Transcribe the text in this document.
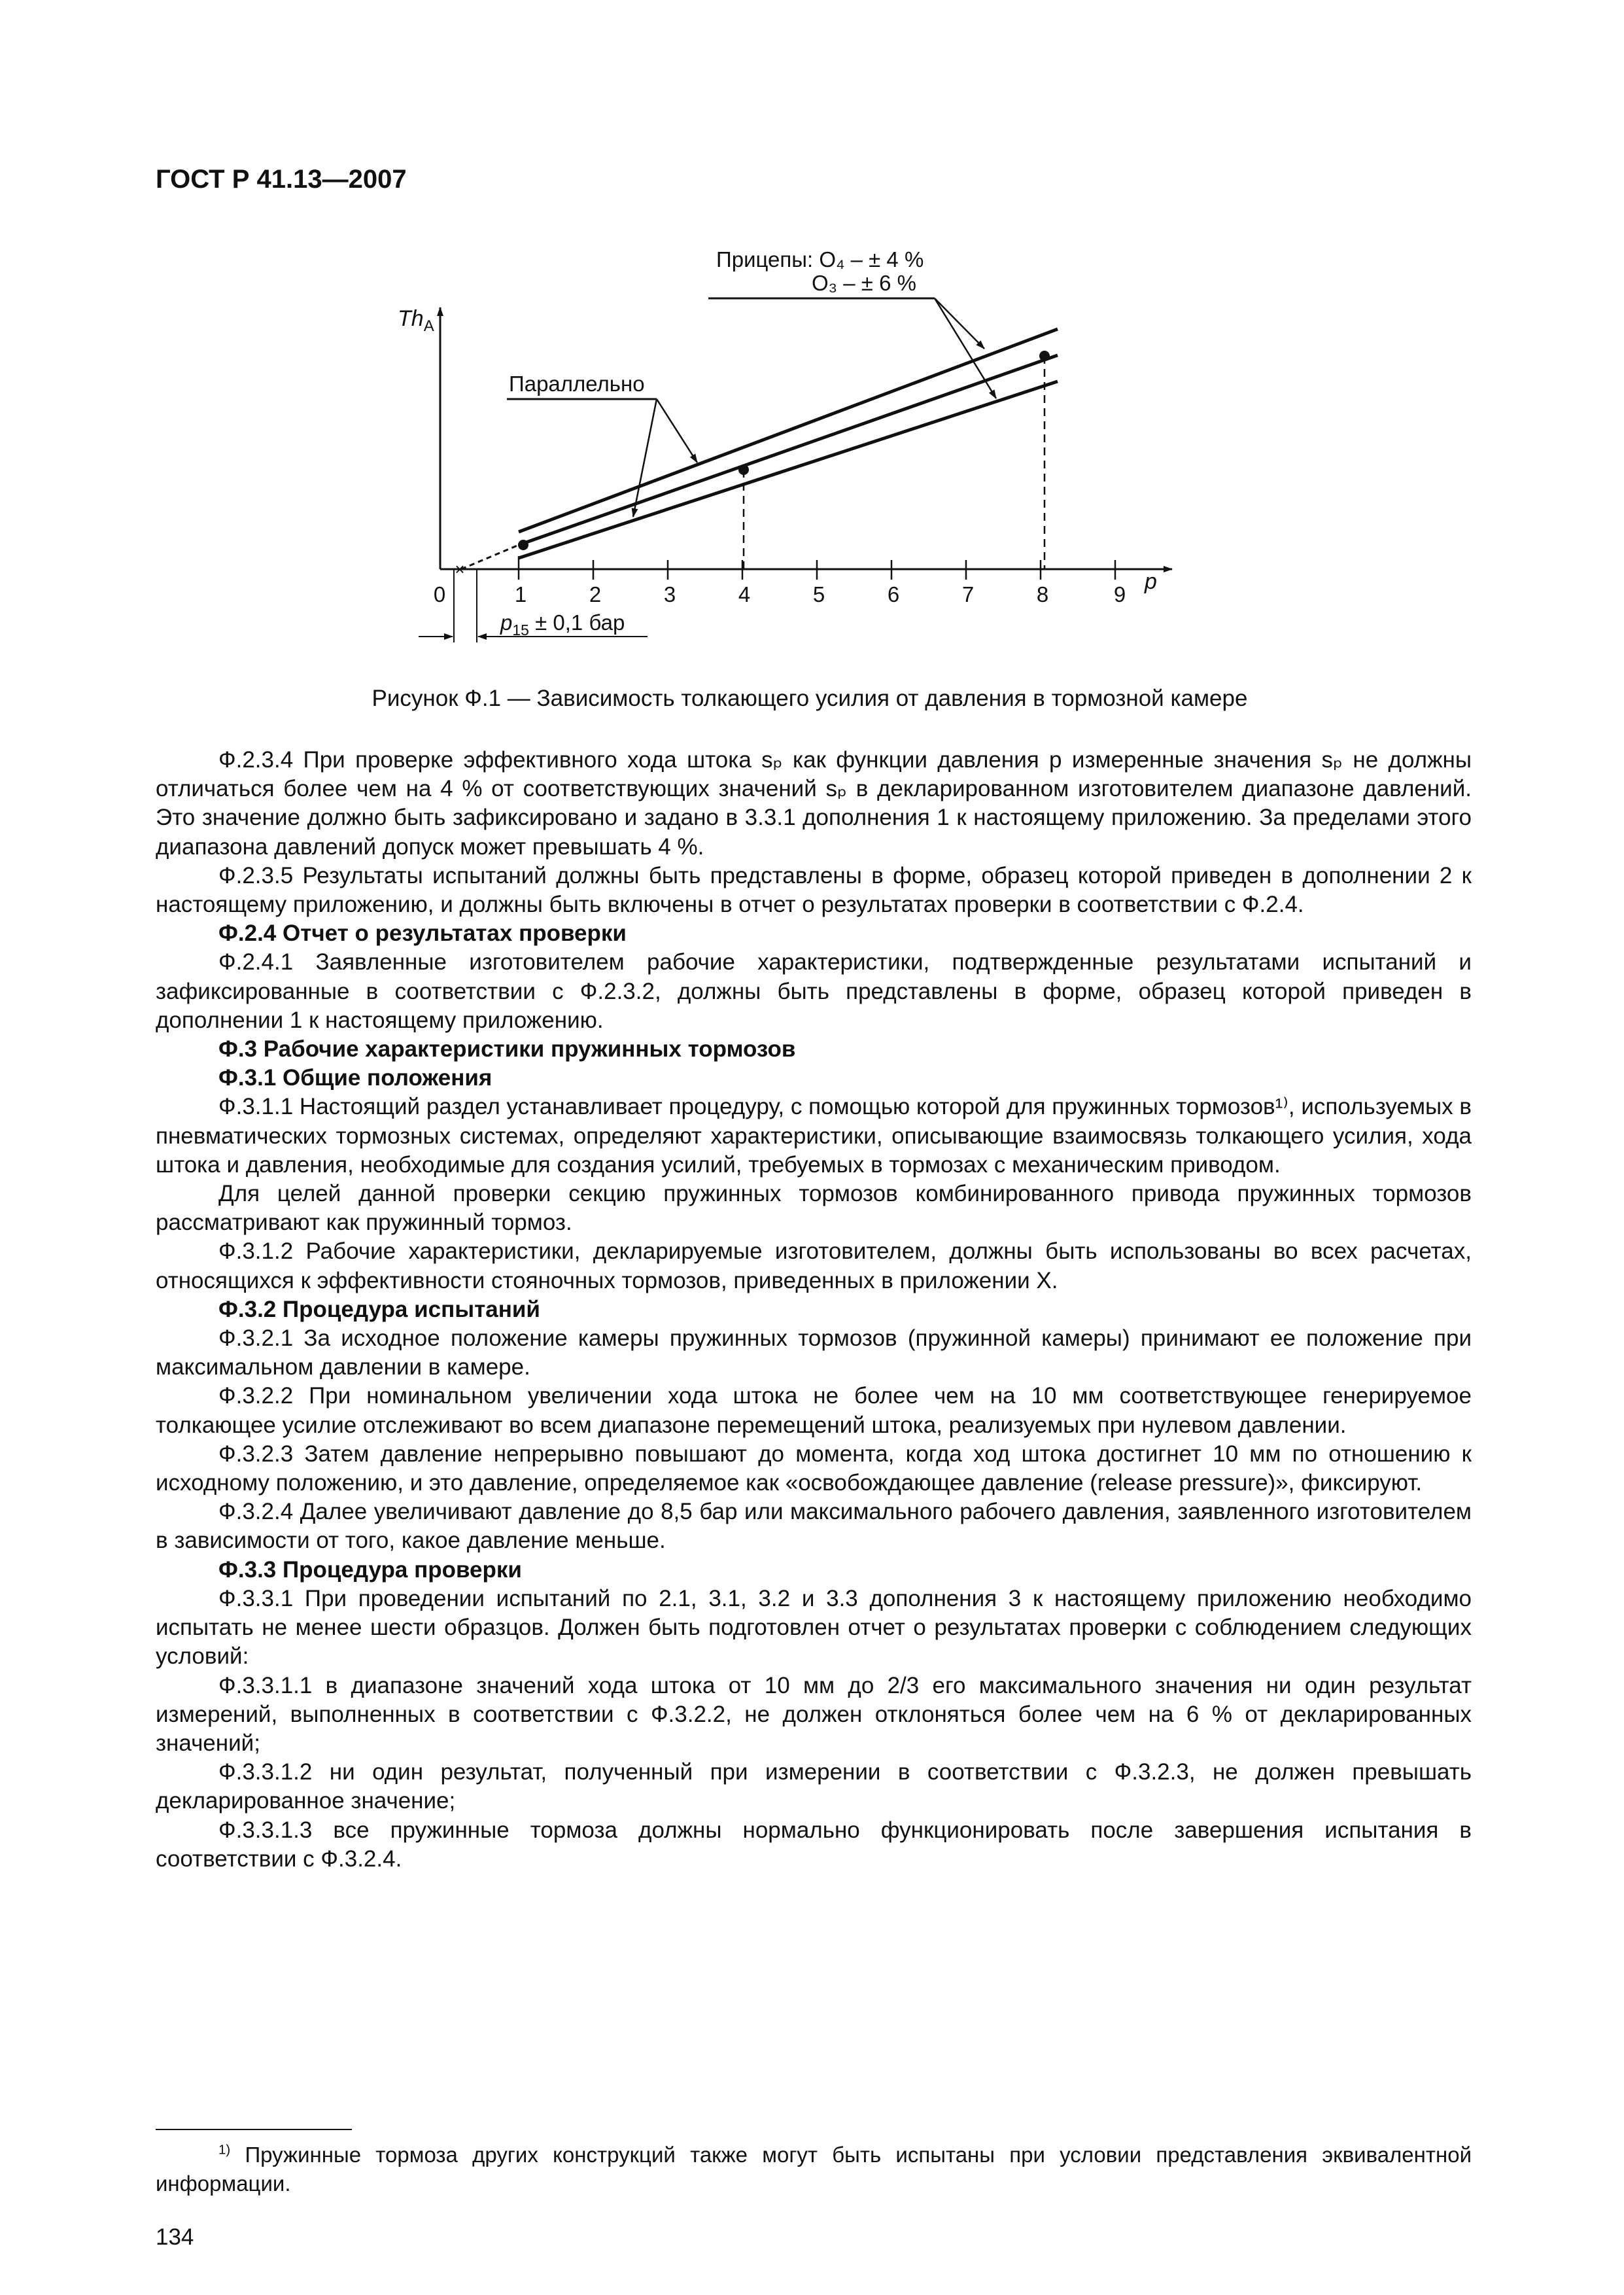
ГОСТ Р 41.13—2007
$Th_A$
p
0	1	2	3	4	5	6	7	8	9
×
Параллельно
Прицепы: O₄ – ± 4 %
O₃ – ± 6 %
$p_{15} \pm 0,1$ бар
Рисунок Ф.1 — Зависимость толкающего усилия от давления в тормозной камере

Ф.2.3.4 При проверке эффективного хода штока sₚ как функции давления p измеренные значения sₚ не должны отличаться более чем на 4 % от соответствующих значений sₚ в декларированном изготовителем диапазоне давлений. Это значение должно быть зафиксировано и задано в 3.3.1 дополнения 1 к настоящему приложению. За пределами этого диапазона давлений допуск может превышать 4 %.

Ф.2.3.5 Результаты испытаний должны быть представлены в форме, образец которой приведен в дополнении 2 к настоящему приложению, и должны быть включены в отчет о результатах проверки в соответствии с Ф.2.4.

Ф.2.4 Отчет о результатах проверки

Ф.2.4.1 Заявленные изготовителем рабочие характеристики, подтвержденные результатами испытаний и зафиксированные в соответствии с Ф.2.3.2, должны быть представлены в форме, образец которой приведен в дополнении 1 к настоящему приложению.

Ф.3 Рабочие характеристики пружинных тормозов

Ф.3.1 Общие положения

Ф.3.1.1 Настоящий раздел устанавливает процедуру, с помощью которой для пружинных тормозов¹⁾, используемых в пневматических тормозных системах, определяют характеристики, описывающие взаимосвязь толкающего усилия, хода штока и давления, необходимые для создания усилий, требуемых в тормозах с механическим приводом.

Для целей данной проверки секцию пружинных тормозов комбинированного привода пружинных тормозов рассматривают как пружинный тормоз.

Ф.3.1.2 Рабочие характеристики, декларируемые изготовителем, должны быть использованы во всех расчетах, относящихся к эффективности стояночных тормозов, приведенных в приложении Х.

Ф.3.2 Процедура испытаний

Ф.3.2.1 За исходное положение камеры пружинных тормозов (пружинной камеры) принимают ее положение при максимальном давлении в камере.

Ф.3.2.2 При номинальном увеличении хода штока не более чем на 10 мм соответствующее генерируемое толкающее усилие отслеживают во всем диапазоне перемещений штока, реализуемых при нулевом давлении.

Ф.3.2.3 Затем давление непрерывно повышают до момента, когда ход штока достигнет 10 мм по отношению к исходному положению, и это давление, определяемое как «освобождающее давление (release pressure)», фиксируют.

Ф.3.2.4 Далее увеличивают давление до 8,5 бар или максимального рабочего давления, заявленного изготовителем в зависимости от того, какое давление меньше.

Ф.3.3 Процедура проверки

Ф.3.3.1 При проведении испытаний по 2.1, 3.1, 3.2 и 3.3 дополнения 3 к настоящему приложению необходимо испытать не менее шести образцов. Должен быть подготовлен отчет о результатах проверки с соблюдением следующих условий:

Ф.3.3.1.1 в диапазоне значений хода штока от 10 мм до 2/3 его максимального значения ни один результат измерений, выполненных в соответствии с Ф.3.2.2, не должен отклоняться более чем на 6 % от декларированных значений;

Ф.3.3.1.2 ни один результат, полученный при измерении в соответствии с Ф.3.2.3, не должен превышать декларированное значение;

Ф.3.3.1.3 все пружинные тормоза должны нормально функционировать после завершения испытания в соответствии с Ф.3.2.4.

$^{1)}$ Пружинные тормоза других конструкций также могут быть испытаны при условии представления эквивалентной информации.

134
